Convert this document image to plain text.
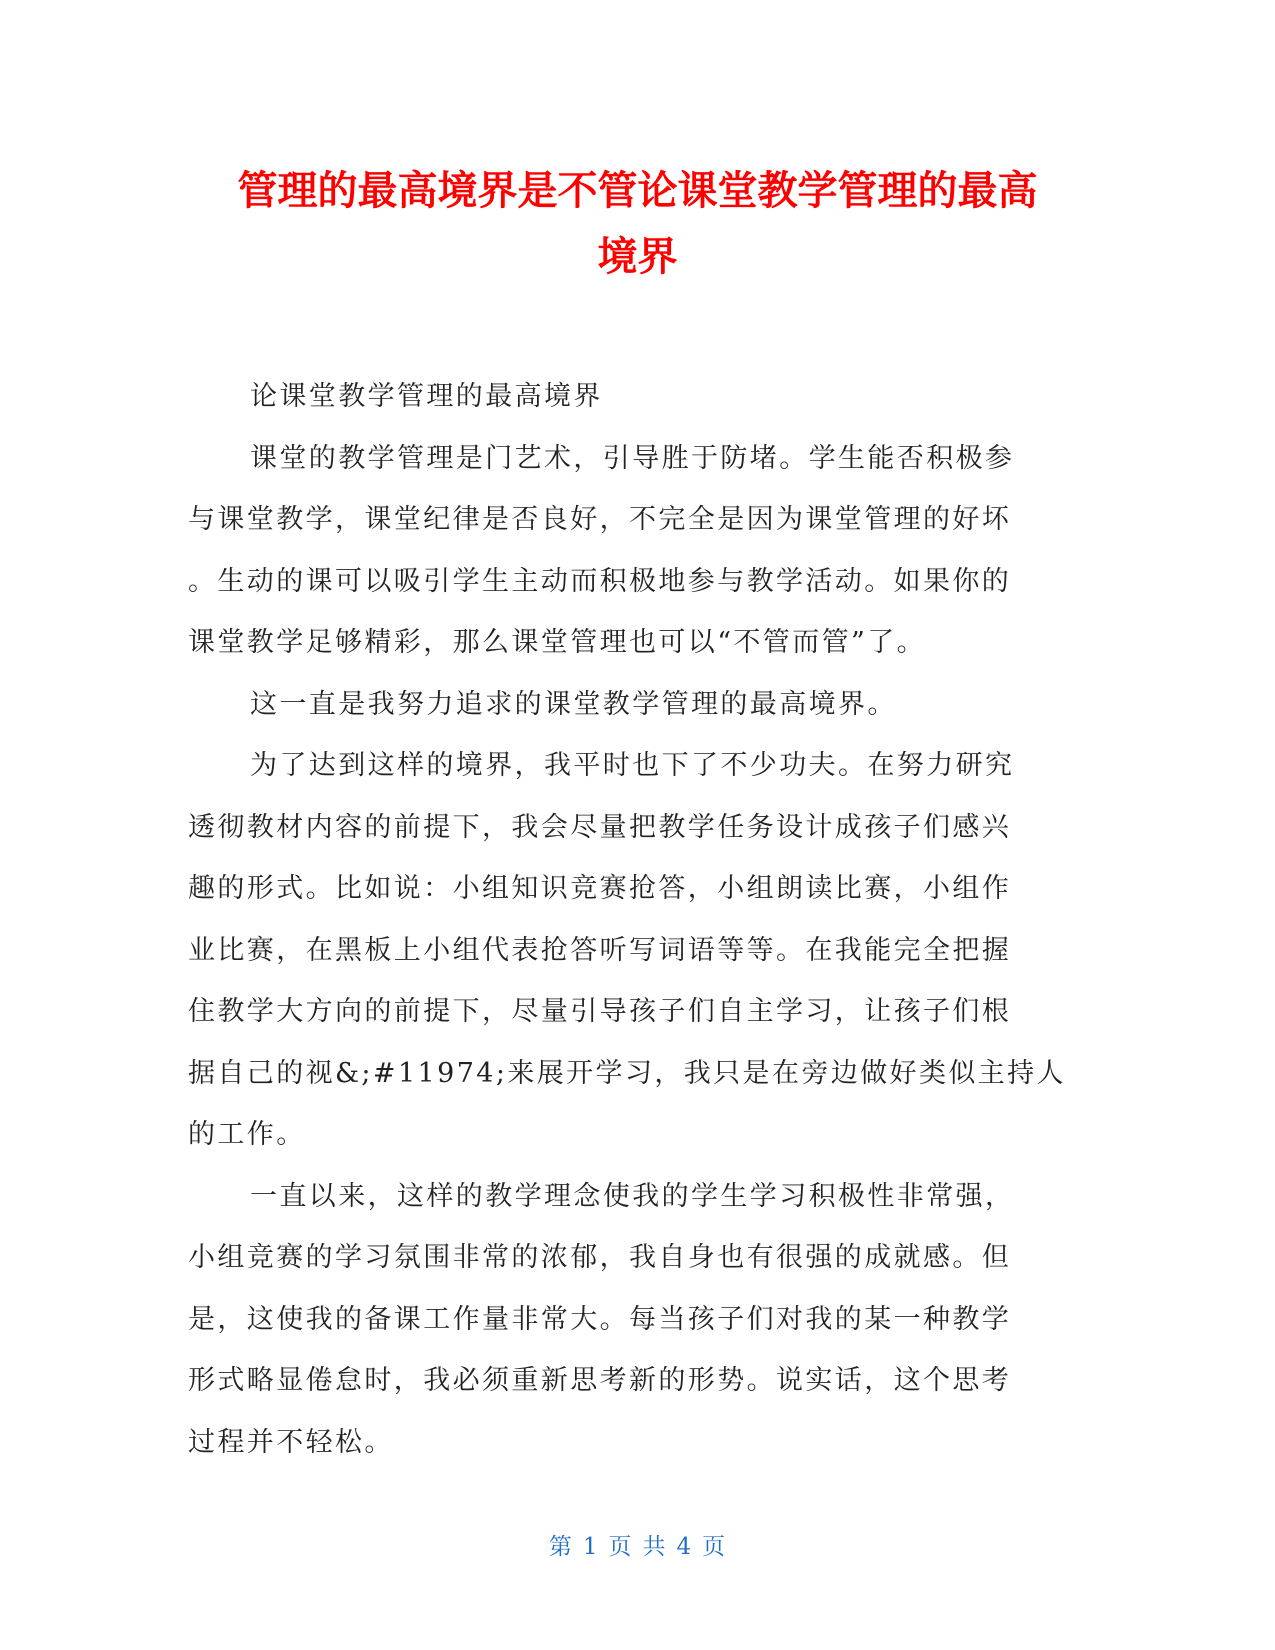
管理的最高境界是不管论课堂教学管理的最高
境界

论课堂教学管理的最高境界

课堂的教学管理是门艺术，引导胜于防堵。学生能否积极参
与课堂教学，课堂纪律是否良好，不完全是因为课堂管理的好坏
。生动的课可以吸引学生主动而积极地参与教学活动。如果你的
课堂教学足够精彩，那么课堂管理也可以“不管而管”了。

这一直是我努力追求的课堂教学管理的最高境界。

为了达到这样的境界，我平时也下了不少功夫。在努力研究
透彻教材内容的前提下，我会尽量把教学任务设计成孩子们感兴
趣的形式。比如说：小组知识竞赛抢答，小组朗读比赛，小组作
业比赛，在黑板上小组代表抢答听写词语等等。在我能完全把握
住教学大方向的前提下，尽量引导孩子们自主学习，让孩子们根
据自己的视&;#11974;来展开学习，我只是在旁边做好类似主持人
的工作。

一直以来，这样的教学理念使我的学生学习积极性非常强，
小组竞赛的学习氛围非常的浓郁，我自身也有很强的成就感。但
是，这使我的备课工作量非常大。每当孩子们对我的某一种教学
形式略显倦怠时，我必须重新思考新的形势。说实话，这个思考
过程并不轻松。

第 1 页 共 4 页
